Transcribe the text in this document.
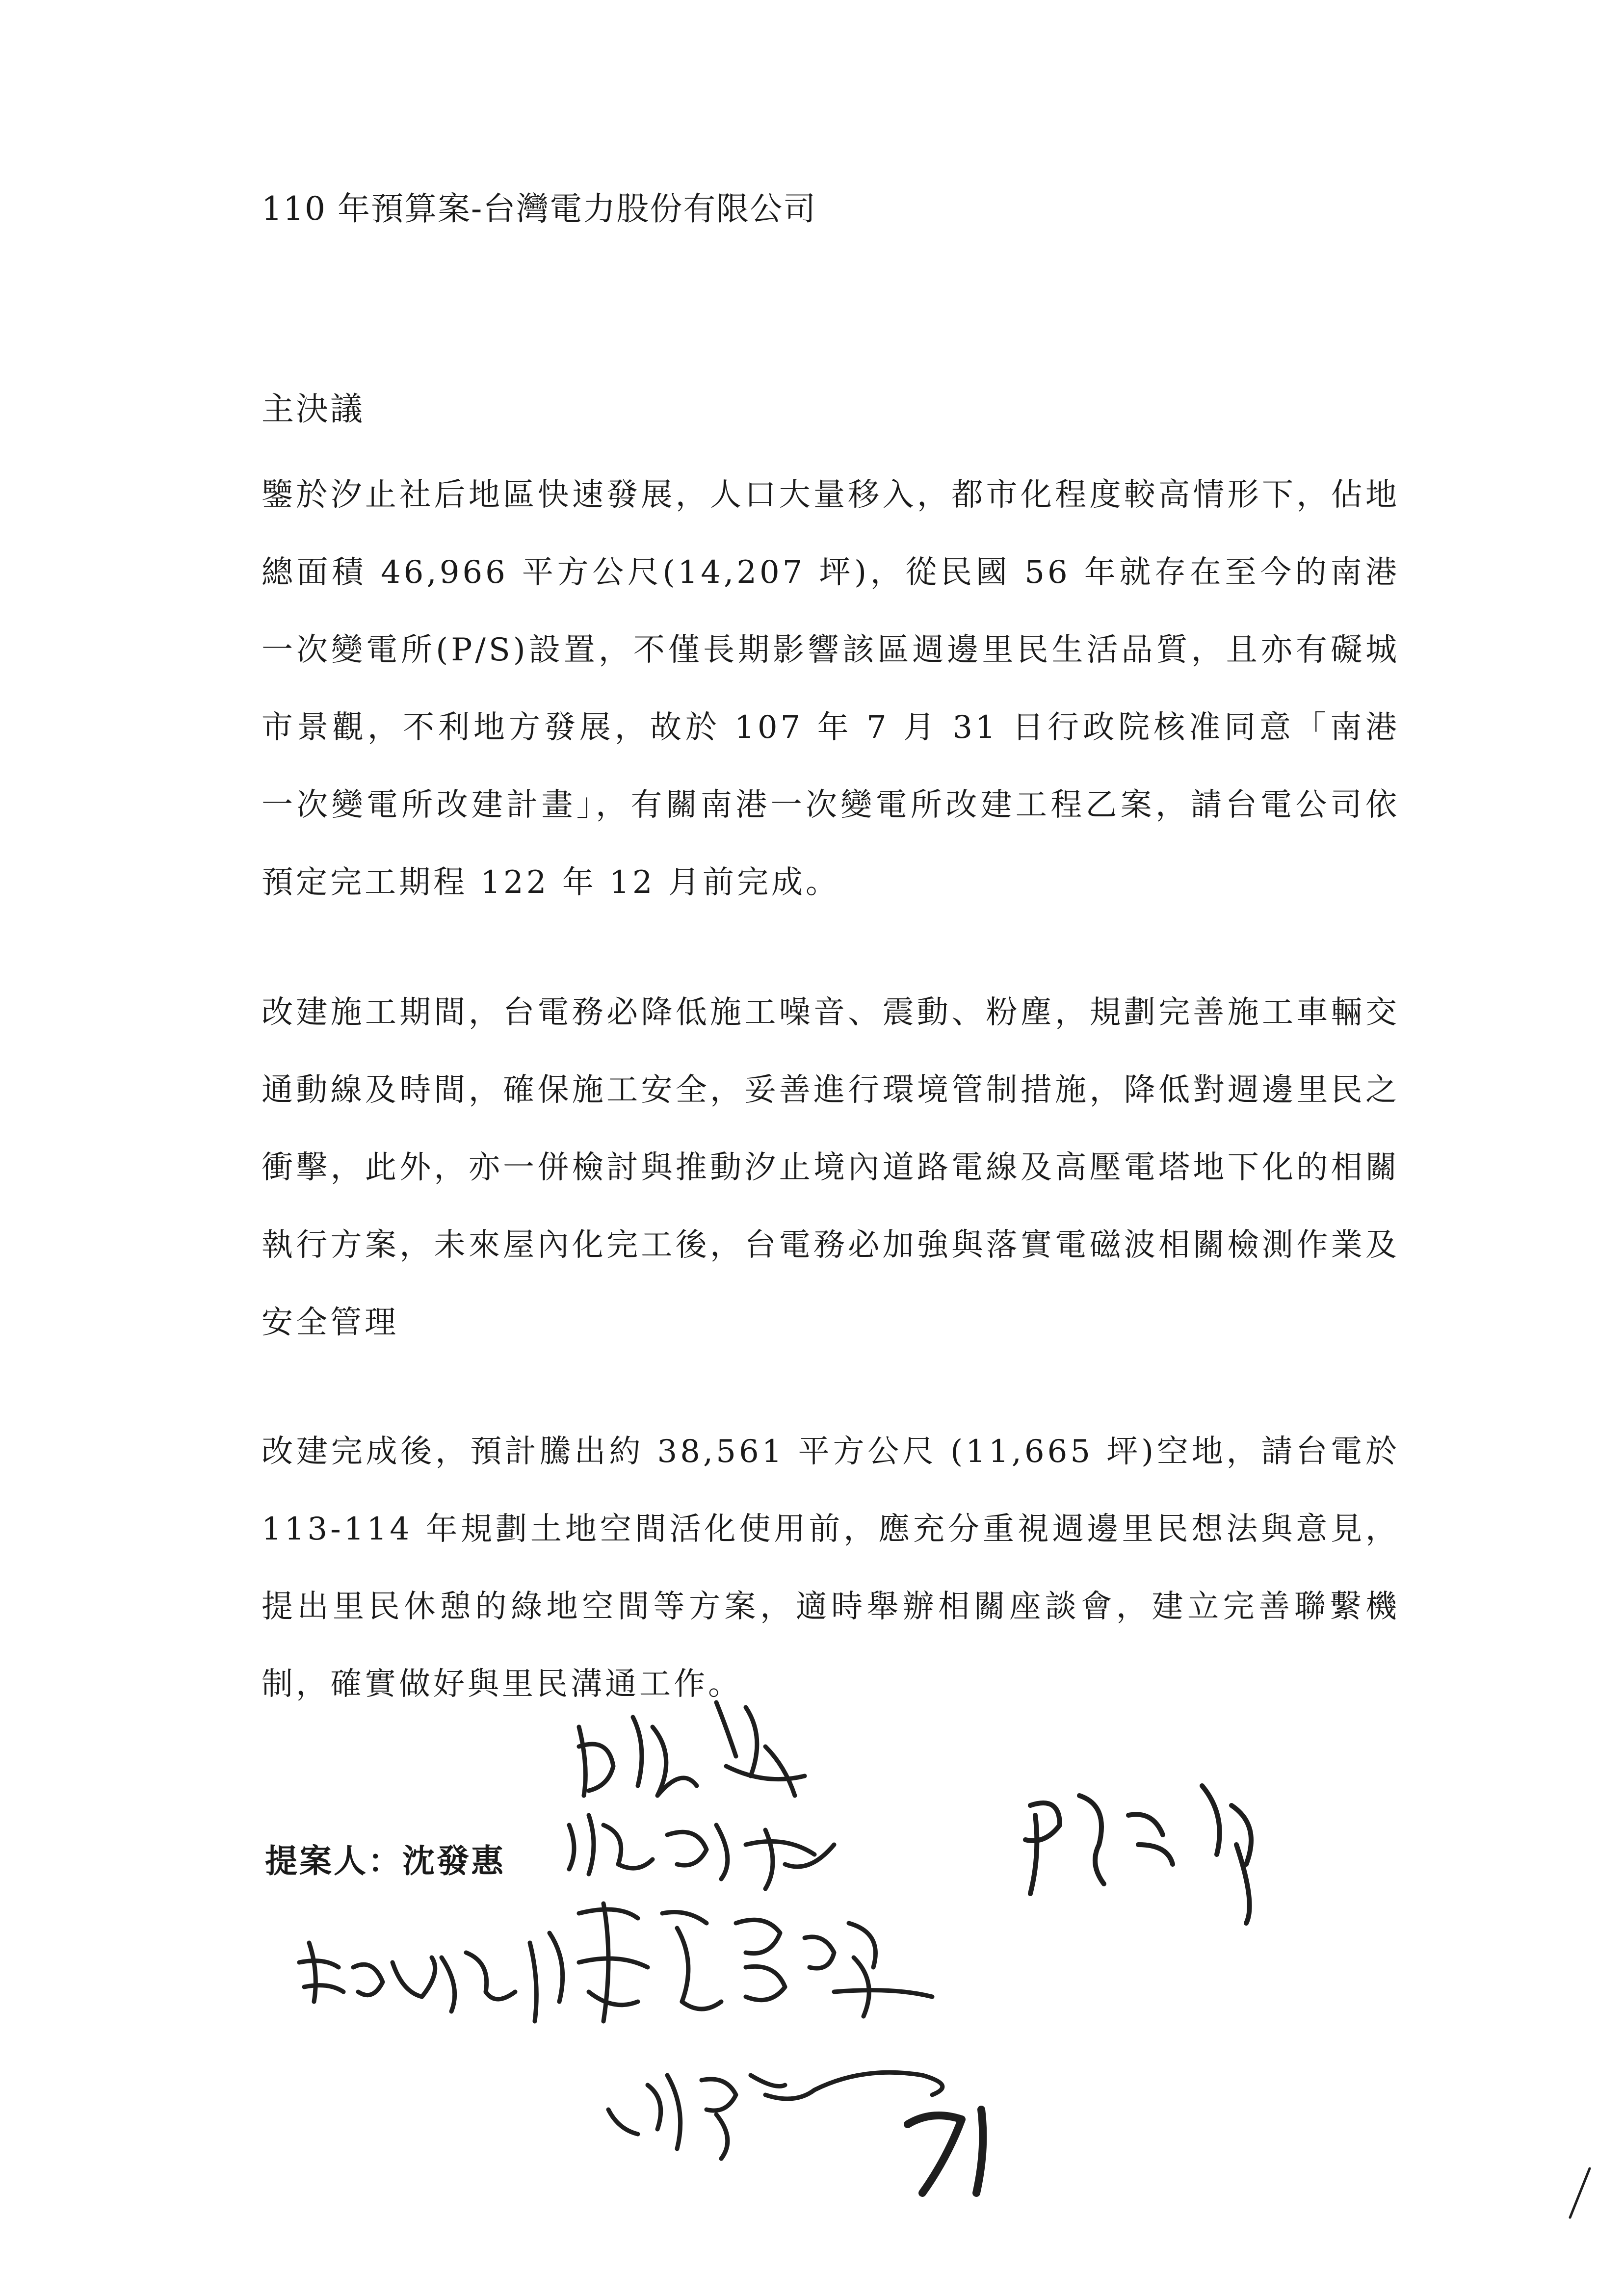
110 年預算案-台灣電力股份有限公司
主決議

鑒於汐止社后地區快速發展，人口大量移入，都市化程度較高情形下，佔地總面積 46,966 平方公尺(14,207 坪)，從民國 56 年就存在至今的南港一次變電所(P/S)設置，不僅長期影響該區週邊里民生活品質，且亦有礙城市景觀，不利地方發展，故於 107 年 7 月 31 日行政院核准同意「南港一次變電所改建計畫」，有關南港一次變電所改建工程乙案，請台電公司依預定完工期程 122 年 12 月前完成。

改建施工期間，台電務必降低施工噪音、震動、粉塵，規劃完善施工車輛交通動線及時間，確保施工安全，妥善進行環境管制措施，降低對週邊里民之衝擊，此外，亦一併檢討與推動汐止境內道路電線及高壓電塔地下化的相關執行方案，未來屋內化完工後，台電務必加強與落實電磁波相關檢測作業及安全管理

改建完成後，預計騰出約 38,561 平方公尺 (11,665 坪)空地，請台電於 113-114 年規劃土地空間活化使用前，應充分重視週邊里民想法與意見，提出里民休憩的綠地空間等方案，適時舉辦相關座談會，建立完善聯繫機制，確實做好與里民溝通工作。

提案人：沈發惠
71
